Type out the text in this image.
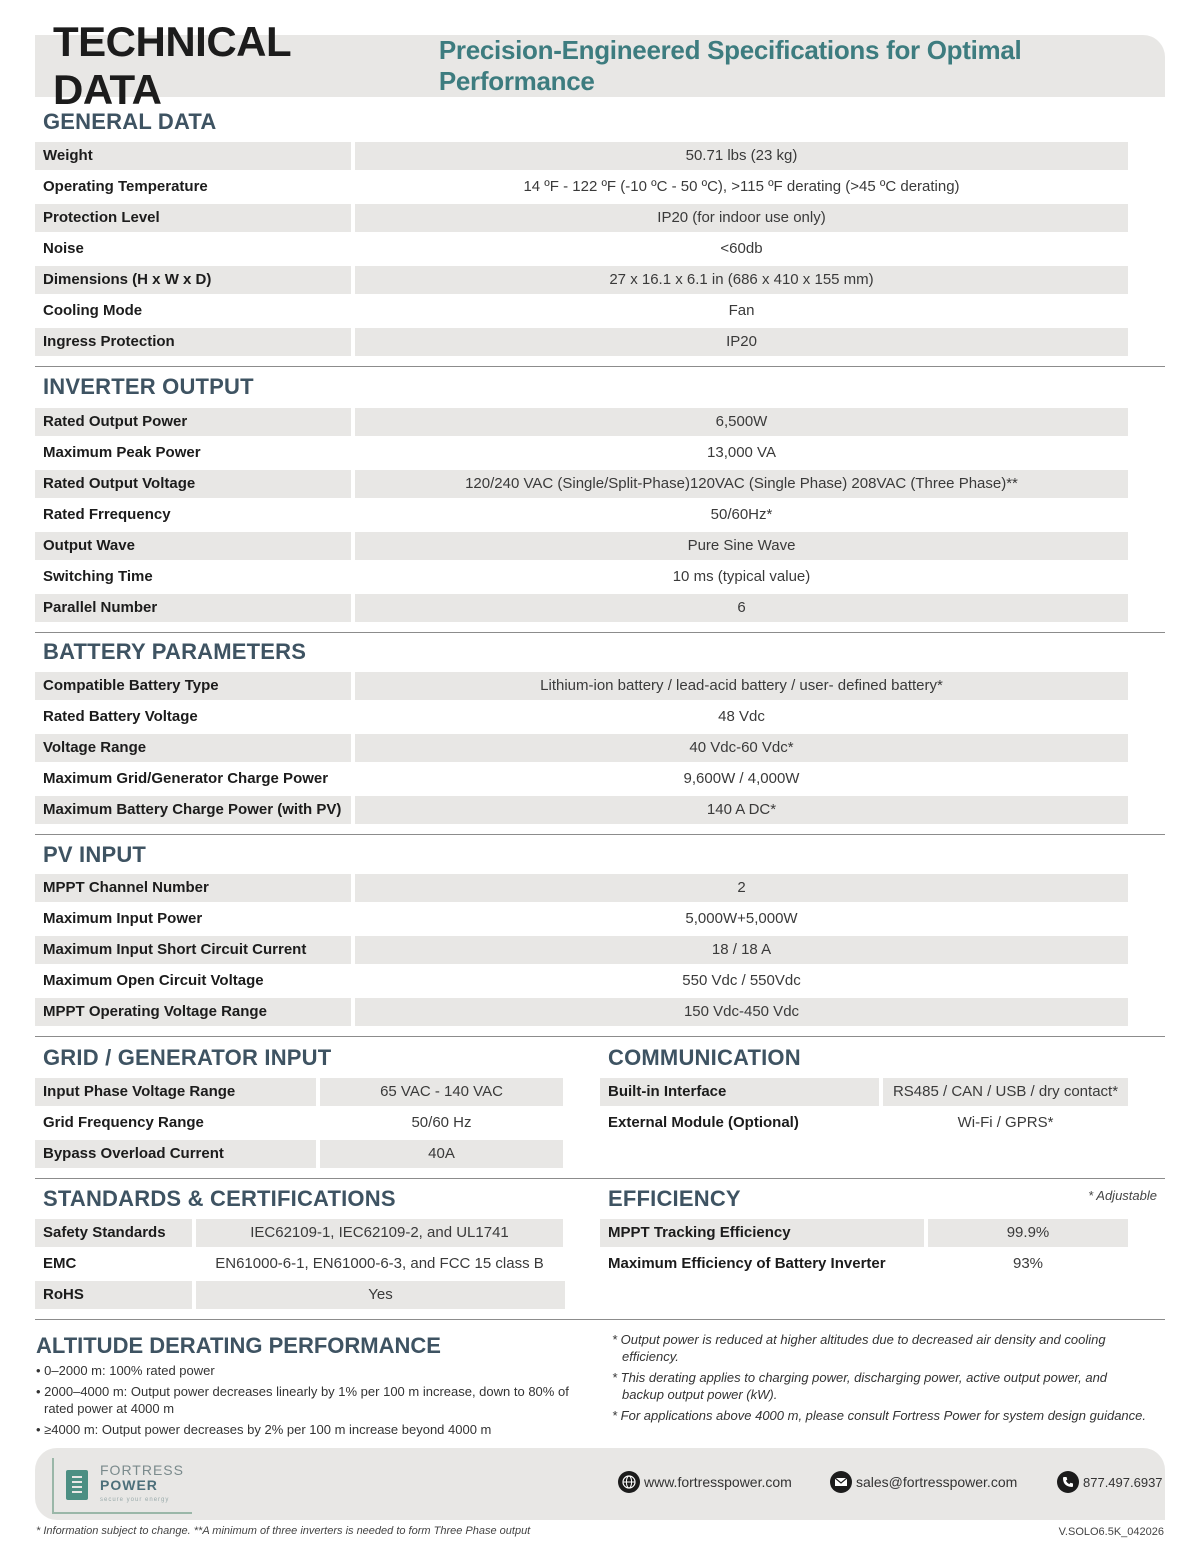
TECHNICAL DATA
Precision-Engineered Specifications for Optimal Performance
GENERAL DATA
Weight	50.71 lbs (23 kg)
Operating Temperature	14 ºF - 122 ºF (-10 ºC - 50 ºC), >115 ºF derating (>45 ºC derating)
Protection Level	IP20 (for indoor use only)
Noise	<60db
Dimensions (H x W x D)	27 x 16.1 x 6.1 in (686 x 410 x 155 mm)
Cooling Mode	Fan
Ingress Protection	IP20
INVERTER OUTPUT
Rated Output Power	6,500W
Maximum Peak Power	13,000 VA
Rated Output Voltage	120/240 VAC (Single/Split-Phase)120VAC (Single Phase) 208VAC (Three Phase)**
Rated Frrequency	50/60Hz*
Output Wave	Pure Sine Wave
Switching Time	10 ms (typical value)
Parallel Number	6
BATTERY PARAMETERS
Compatible Battery Type	Lithium-ion battery / lead-acid battery / user- defined battery*
Rated Battery Voltage	48 Vdc
Voltage Range	40 Vdc-60 Vdc*
Maximum Grid/Generator Charge Power	9,600W / 4,000W
Maximum Battery Charge Power (with PV)	140 A DC*
PV INPUT
MPPT Channel Number	2
Maximum Input Power	5,000W+5,000W
Maximum Input Short Circuit Current	18 / 18 A
Maximum Open Circuit Voltage	550 Vdc / 550Vdc
MPPT Operating Voltage Range	150 Vdc-450 Vdc
GRID / GENERATOR INPUT
Input Phase Voltage Range	65 VAC - 140 VAC
Grid Frequency Range	50/60 Hz
Bypass Overload Current	40A
COMMUNICATION
Built-in Interface	RS485 / CAN / USB / dry contact*
External Module (Optional)	Wi-Fi / GPRS*
STANDARDS & CERTIFICATIONS
Safety Standards	IEC62109-1, IEC62109-2, and UL1741
EMC	EN61000-6-1, EN61000-6-3, and FCC 15 class B
RoHS	Yes
EFFICIENCY	* Adjustable
MPPT Tracking Efficiency	99.9%
Maximum Efficiency of Battery Inverter	93%
ALTITUDE DERATING PERFORMANCE
• 0–2000 m: 100% rated power
• 2000–4000 m: Output power decreases linearly by 1% per 100 m increase, down to 80% of rated power at 4000 m
• ≥4000 m: Output power decreases by 2% per 100 m increase beyond 4000 m

* Output power is reduced at higher altitudes due to decreased air density and cooling efficiency.

* This derating applies to charging power, discharging power, active output power, and backup output power (kW).

* For applications above 4000 m, please consult Fortress Power for system design guidance.

FORTRESS
POWER
secure your energy
www.fortresspower.com	sales@fortresspower.com	877.497.6937
* Information subject to change. **A minimum of three inverters is needed to form Three Phase output	V.SOLO6.5K_042026
